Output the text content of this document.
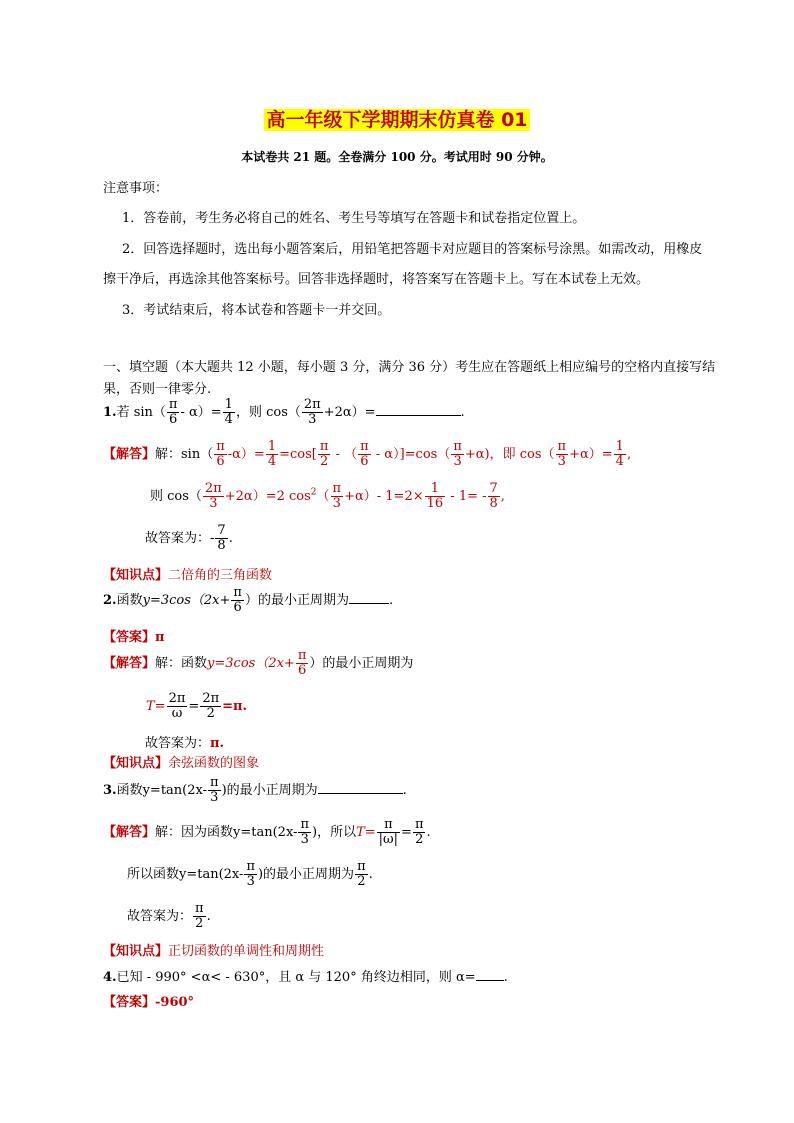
高一年级下学期期末仿真卷 01
本试卷共 21 题。全卷满分 100 分。考试用时 90 分钟。
注意事项：
1．答卷前，考生务必将自己的姓名、考生号等填写在答题卡和试卷指定位置上。
2．回答选择题时，选出每小题答案后，用铅笔把答题卡对应题目的答案标号涂黑。如需改动，用橡皮
擦干净后，再选涂其他答案标号。回答非选择题时，将答案写在答题卡上。写在本试卷上无效。
3．考试结束后，将本试卷和答题卡一并交回。
一、填空题（本大题共 12 小题，每小题 3 分，满分 36 分）考生应在答题纸上相应编号的空格内直接写结
果，否则一律零分.
1.若 $\sin( \frac{\pi}{6} - \alpha)= \frac{1}{4}$ ，则 $\cos( \frac{2\pi}{3} +2\alpha)=$	.
【解答】解：$\sin( \frac{\pi}{6} -\alpha)= \frac{1}{4} =\cos[ \frac{\pi}{2}$ - （ $\frac{\pi}{6} - \alpha)]=\cos( \frac{\pi}{3} +\alpha)$，即 $\cos( \frac{\pi}{3} +\alpha)= \frac{1}{4}$ ,
则 $\cos( \frac{2\pi}{3} +2\alpha)=2$ $\cos^2( \frac{\pi}{3} +\alpha)-$ $1=2\times \frac{1}{16} - 1= - \frac{7}{8}$ ,
故答案为：- $\frac{7}{8}$ .
【知识点】二倍角的三角函数
2.函数$y=3\cos(2x+ \frac{\pi}{6}$ ）的最小正周期为	.
【答案】π
【解答】解：函数$y=3\cos(2x+ \frac{\pi}{6}$ ）的最小正周期为
$T= \frac{2\pi}{\omega} = \frac{2\pi}{2} =\pi$.
故答案为：π.
【知识点】余弦函数的图象
3.函数$y=\tan(2x- \frac{\pi}{3}$ )的最小正周期为	.
【解答】解：因为函数$y=\tan(2x- \frac{\pi}{3}$ )，所以$T= \frac{\pi}{|\omega|} = \frac{\pi}{2}$ .
所以函数$y=\tan(2x- \frac{\pi}{3}$ )的最小正周期为 $\frac{\pi}{2}$ .
故答案为： $\frac{\pi}{2}$ .
【知识点】正切函数的单调性和周期性
4.已知 - 990° <α< - 630°，且 α 与 120° 角终边相同，则 α= .
【答案】-960°
